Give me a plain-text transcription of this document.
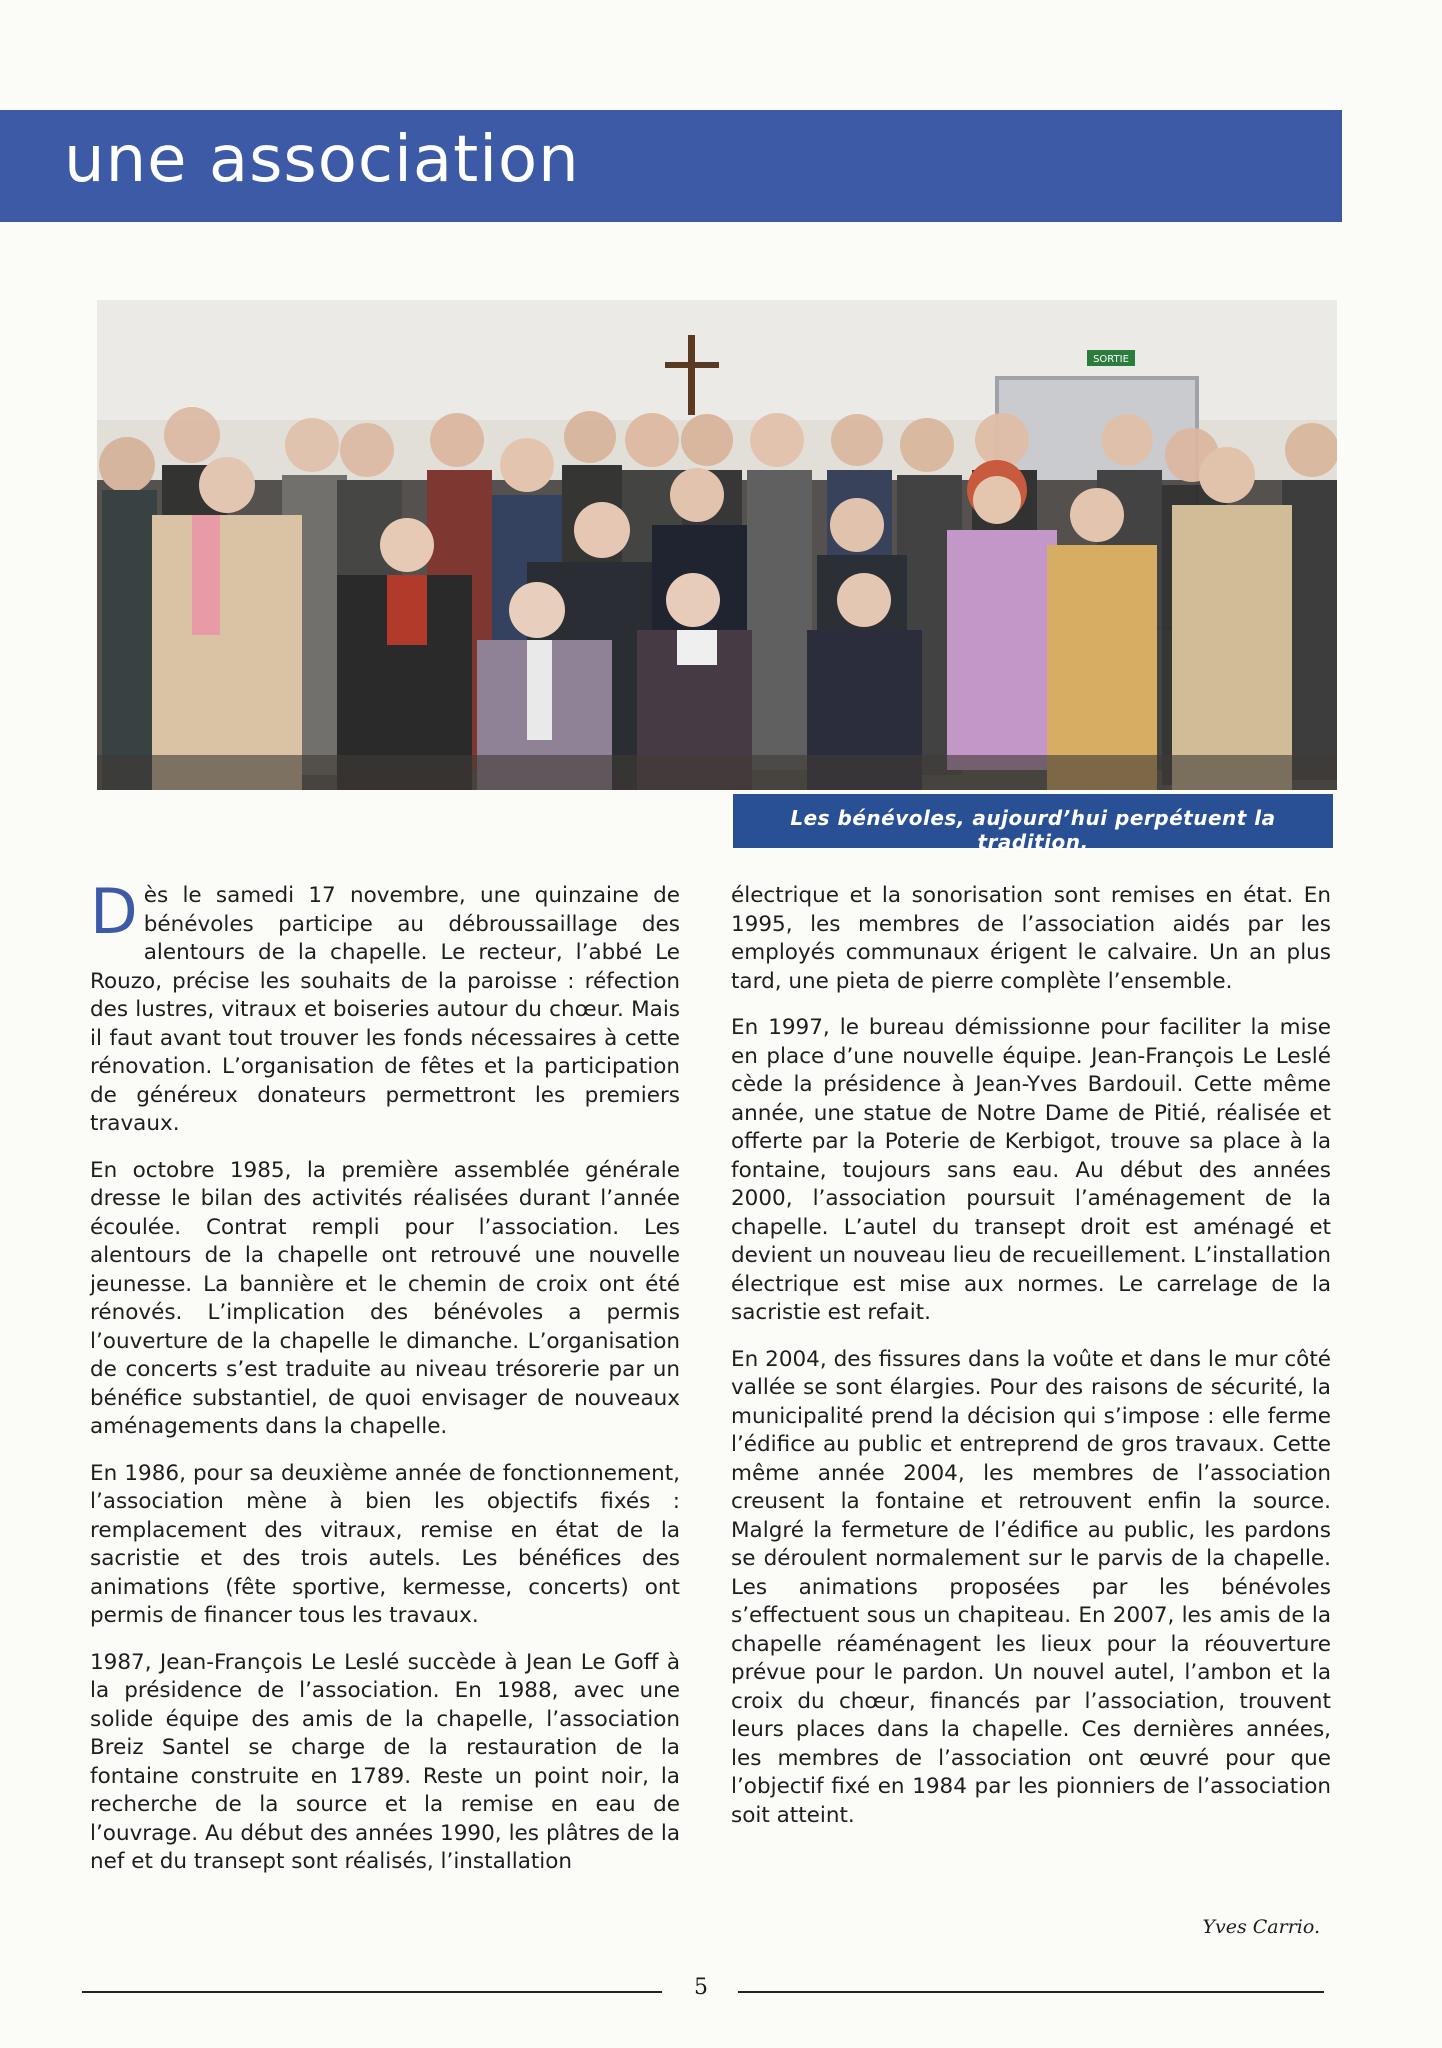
une association
SORTIE
Les bénévoles, aujourd’hui perpétuent la tradition.

Dès le samedi 17 novembre, une quinzaine de bénévoles participe au débroussaillage des alentours de la chapelle. Le recteur, l’abbé Le Rouzo, précise les souhaits de la paroisse : réfection des lustres, vitraux et boiseries autour du chœur. Mais il faut avant tout trouver les fonds nécessaires à cette rénovation. L’organisation de fêtes et la participation de généreux donateurs permettront les premiers travaux.

En octobre 1985, la première assemblée générale dresse le bilan des activités réalisées durant l’année écoulée. Contrat rempli pour l’association. Les alentours de la chapelle ont retrouvé une nouvelle jeunesse. La bannière et le chemin de croix ont été rénovés. L’implication des bénévoles a permis l’ouverture de la chapelle le dimanche. L’organisation de concerts s’est traduite au niveau trésorerie par un bénéfice substantiel, de quoi envisager de nouveaux aménagements dans la chapelle.

En 1986, pour sa deuxième année de fonctionnement, l’association mène à bien les objectifs fixés : remplacement des vitraux, remise en état de la sacristie et des trois autels. Les bénéfices des animations (fête sportive, kermesse, concerts) ont permis de financer tous les travaux.

1987, Jean-François Le Leslé succède à Jean Le Goff à la présidence de l’association. En 1988, avec une solide équipe des amis de la chapelle, l’association Breiz Santel se charge de la restauration de la fontaine construite en 1789. Reste un point noir, la recherche de la source et la remise en eau de l’ouvrage. Au début des années 1990, les plâtres de la nef et du transept sont réalisés, l’installation

électrique et la sonorisation sont remises en état. En 1995, les membres de l’association aidés par les employés communaux érigent le calvaire. Un an plus tard, une pieta de pierre complète l’ensemble.

En 1997, le bureau démissionne pour faciliter la mise en place d’une nouvelle équipe. Jean-François Le Leslé cède la présidence à Jean-Yves Bardouil. Cette même année, une statue de Notre Dame de Pitié, réalisée et offerte par la Poterie de Kerbigot, trouve sa place à la fontaine, toujours sans eau. Au début des années 2000, l’association poursuit l’aménagement de la chapelle. L’autel du transept droit est aménagé et devient un nouveau lieu de recueillement. L’installation électrique est mise aux normes. Le carrelage de la sacristie est refait.

En 2004, des fissures dans la voûte et dans le mur côté vallée se sont élargies. Pour des raisons de sécurité, la municipalité prend la décision qui s’impose : elle ferme l’édifice au public et entreprend de gros travaux. Cette même année 2004, les membres de l’association creusent la fontaine et retrouvent enfin la source. Malgré la fermeture de l’édifice au public, les pardons se déroulent normalement sur le parvis de la chapelle. Les animations proposées par les bénévoles s’effectuent sous un chapiteau. En 2007, les amis de la chapelle réaménagent les lieux pour la réouverture prévue pour le pardon. Un nouvel autel, l’ambon et la croix du chœur, financés par l’association, trouvent leurs places dans la chapelle. Ces dernières années, les membres de l’association ont œuvré pour que l’objectif fixé en 1984 par les pionniers de l’association soit atteint.

Yves Carrio.
5
